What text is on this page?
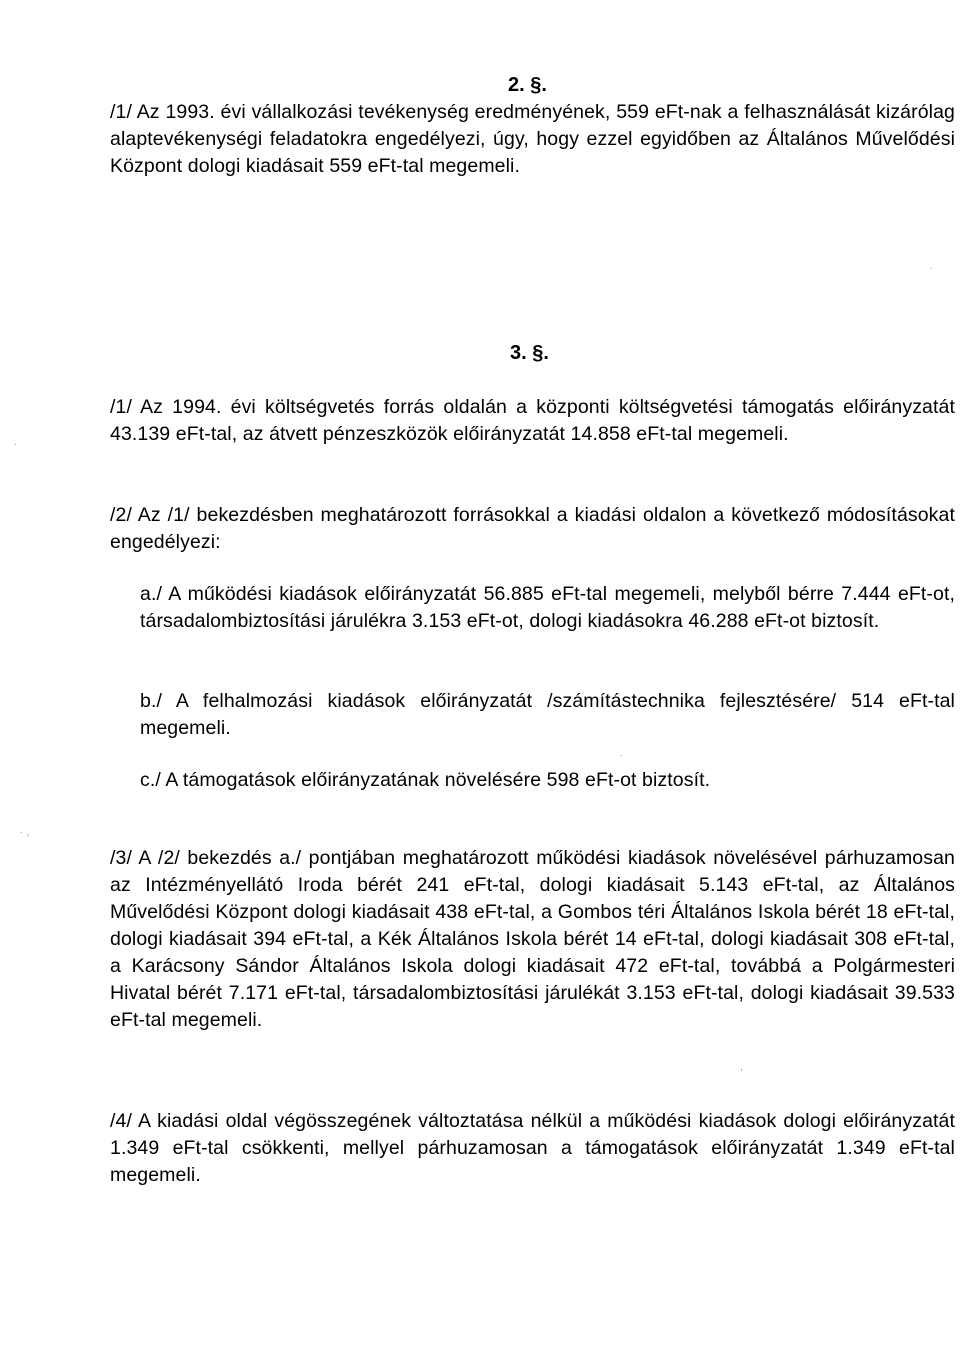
2. §.

/1/ Az 1993. évi vállalkozási tevékenység eredményének, 559 eFt-nak a felhasználását kizárólag alaptevékenységi feladatokra engedélyezi, úgy, hogy ezzel egyidőben az Általános Művelődési Központ dologi kiadásait 559 eFt-tal megemeli.

3. §.

/1/ Az 1994. évi költségvetés forrás oldalán a központi költségvetési támogatás előirányzatát 43.139 eFt-tal, az átvett pénzeszközök előirányzatát 14.858 eFt-tal megemeli.

/2/ Az /1/ bekezdésben meghatározott forrásokkal a kiadási oldalon a következő módosításokat engedélyezi:

a./ A működési kiadások előirányzatát 56.885 eFt-tal megemeli, melyből bérre 7.444 eFt-ot, társadalombiztosítási járulékra 3.153 eFt-ot, dologi kiadásokra 46.288 eFt-ot biztosít.

b./ A felhalmozási kiadások előirányzatát /számítástechnika fejlesztésére/ 514 eFt-tal megemeli.

c./ A támogatások előirányzatának növelésére 598 eFt-ot biztosít.

/3/ A /2/ bekezdés a./ pontjában meghatározott működési kiadások növelésével párhuzamosan az Intézményellátó Iroda bérét 241 eFt-tal, dologi kiadásait 5.143 eFt-tal, az Általános Művelődési Központ dologi kiadásait 438 eFt-tal, a Gombos téri Általános Iskola bérét 18 eFt-tal, dologi kiadásait 394 eFt-tal, a Kék Általános Iskola bérét 14 eFt-tal, dologi kiadásait 308 eFt-tal, a Karácsony Sándor Általános Iskola dologi kiadásait 472 eFt-tal, továbbá a Polgármesteri Hivatal bérét 7.171 eFt-tal, társadalombiztosítási járulékát 3.153 eFt-tal, dologi kiadásait 39.533 eFt-tal megemeli.

/4/ A kiadási oldal végösszegének változtatása nélkül a működési kiadások dologi előirányzatát 1.349 eFt-tal csökkenti, mellyel párhuzamosan a támogatások előirányzatát 1.349 eFt-tal megemeli.

.
.
'
.
.
,
